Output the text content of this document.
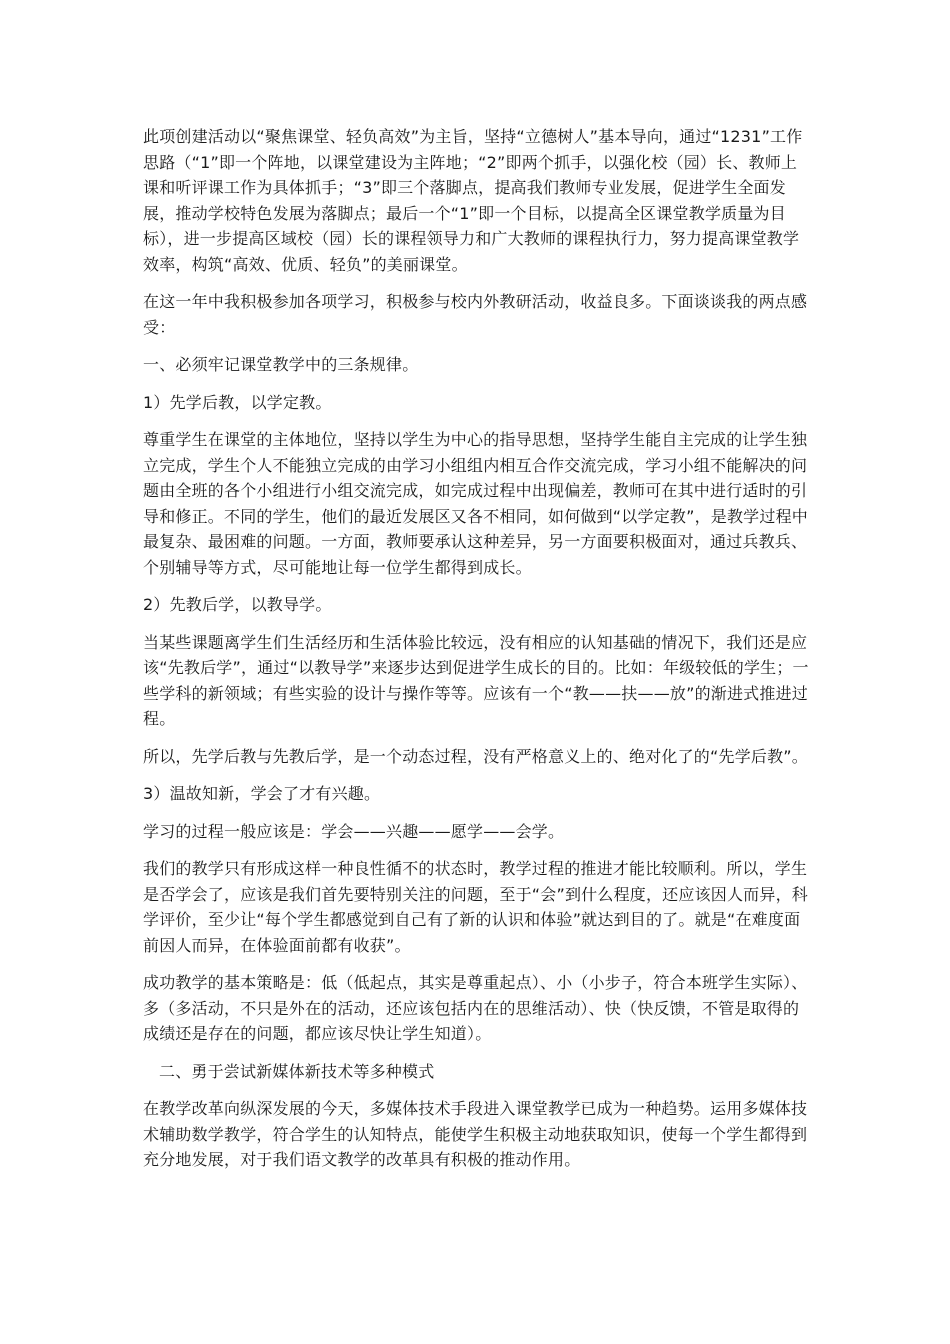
此项创建活动以“聚焦课堂、轻负高效”为主旨，坚持“立德树人”基本导向，通过“1231”工作思路（“1”即一个阵地，以课堂建设为主阵地；“2”即两个抓手，以强化校（园）长、教师上课和听评课工作为具体抓手；“3”即三个落脚点，提高我们教师专业发展，促进学生全面发展，推动学校特色发展为落脚点；最后一个“1”即一个目标，以提高全区课堂教学质量为目标），进一步提高区域校（园）长的课程领导力和广大教师的课程执行力，努力提高课堂教学效率，构筑“高效、优质、轻负”的美丽课堂。

在这一年中我积极参加各项学习，积极参与校内外教研活动，收益良多。下面谈谈我的两点感受：

一、必须牢记课堂教学中的三条规律。

1）先学后教，以学定教。

尊重学生在课堂的主体地位，坚持以学生为中心的指导思想，坚持学生能自主完成的让学生独立完成，学生个人不能独立完成的由学习小组组内相互合作交流完成，学习小组不能解决的问题由全班的各个小组进行小组交流完成，如完成过程中出现偏差，教师可在其中进行适时的引导和修正。不同的学生，他们的最近发展区又各不相同，如何做到“以学定教”，是教学过程中最复杂、最困难的问题。一方面，教师要承认这种差异，另一方面要积极面对，通过兵教兵、个别辅导等方式，尽可能地让每一位学生都得到成长。

2）先教后学，以教导学。

当某些课题离学生们生活经历和生活体验比较远，没有相应的认知基础的情况下，我们还是应该“先教后学”，通过“以教导学”来逐步达到促进学生成长的目的。比如：年级较低的学生；一些学科的新领域；有些实验的设计与操作等等。应该有一个“教——扶——放”的渐进式推进过程。

所以，先学后教与先教后学，是一个动态过程，没有严格意义上的、绝对化了的“先学后教”。

3）温故知新，学会了才有兴趣。

学习的过程一般应该是：学会——兴趣——愿学——会学。

我们的教学只有形成这样一种良性循不的状态时，教学过程的推进才能比较顺利。所以，学生是否学会了，应该是我们首先要特别关注的问题，至于“会”到什么程度，还应该因人而异，科学评价，至少让“每个学生都感觉到自己有了新的认识和体验”就达到目的了。就是“在难度面前因人而异，在体验面前都有收获”。

成功教学的基本策略是：低（低起点，其实是尊重起点）、小（小步子，符合本班学生实际）、多（多活动，不只是外在的活动，还应该包括内在的思维活动）、快（快反馈，不管是取得的成绩还是存在的问题，都应该尽快让学生知道）。

二、勇于尝试新媒体新技术等多种模式

在教学改革向纵深发展的今天，多媒体技术手段进入课堂教学已成为一种趋势。运用多媒体技术辅助数学教学，符合学生的认知特点，能使学生积极主动地获取知识，使每一个学生都得到充分地发展，对于我们语文教学的改革具有积极的推动作用。
